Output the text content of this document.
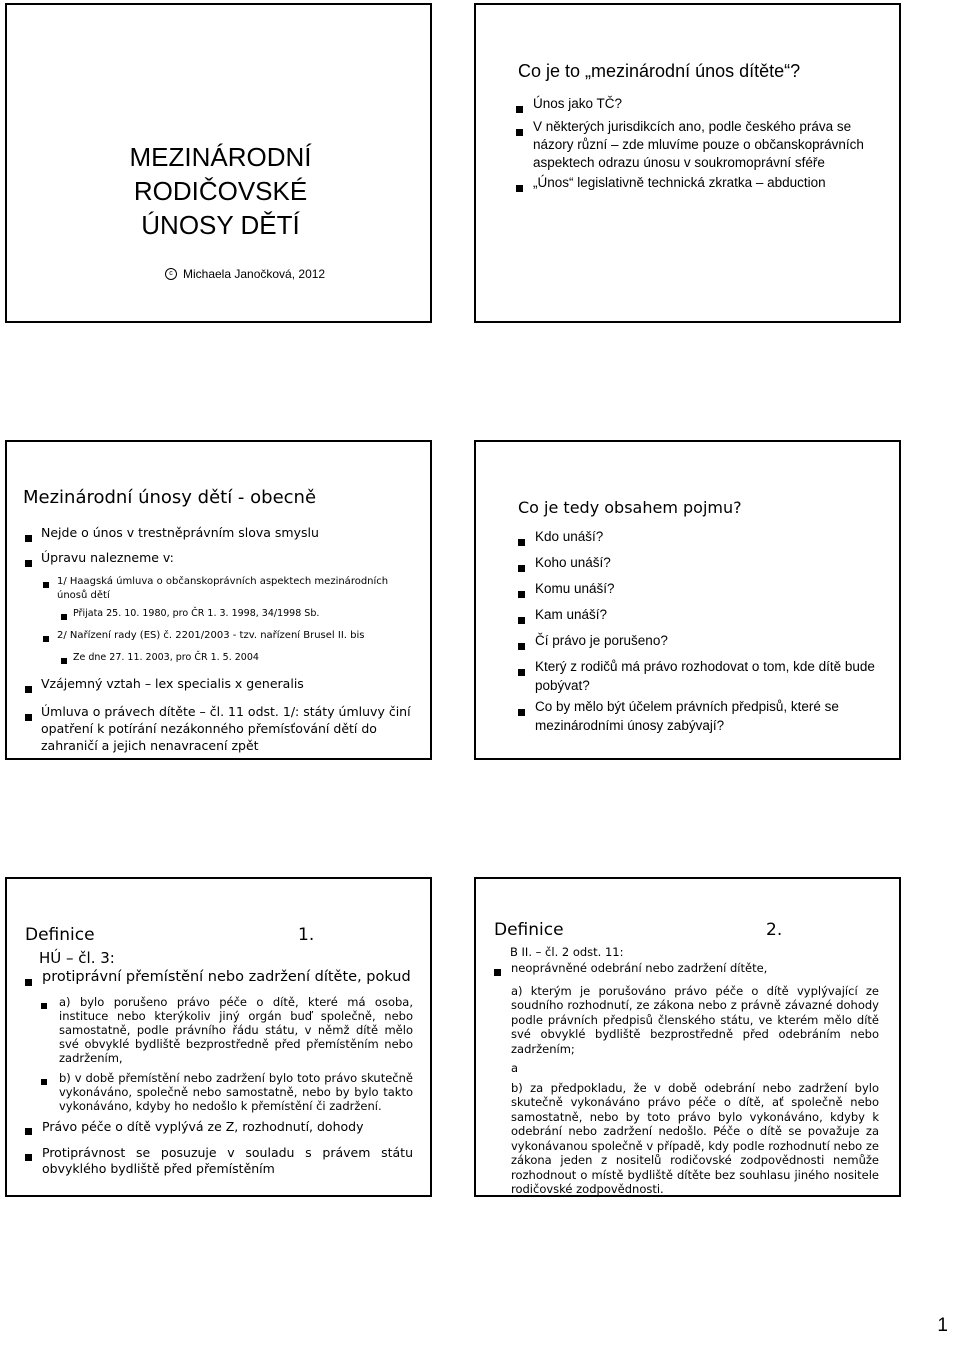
MEZINÁRODNÍ
RODIČOVSKÉ
ÚNOSY DĚTÍ
c Michaela Janočková, 2012
Co je to „mezinárodní únos dítěte“?
Únos jako TČ?
V některých jurisdikcích ano, podle českého práva se názory různí – zde mluvíme pouze o občanskoprávních aspektech odrazu únosu v soukromoprávní sféře
„Únos“ legislativně technická zkratka – abduction
Mezinárodní únosy dětí - obecně
Nejde o únos v trestněprávním slova smyslu
Úpravu nalezneme v:
1/ Haagská úmluva o občanskoprávních aspektech mezinárodních únosů dětí
Přijata 25. 10. 1980, pro ČR 1. 3. 1998, 34/1998 Sb.
2/ Nařízení rady (ES) č. 2201/2003 - tzv. nařízení Brusel II. bis
Ze dne 27. 11. 2003, pro ČR 1. 5. 2004
Vzájemný vztah – lex specialis x generalis
Úmluva o právech dítěte – čl. 11 odst. 1/: státy úmluvy činí opatření k potírání nezákonného přemísťování dětí do zahraničí a jejich nenavracení zpět
Co je tedy obsahem pojmu?
Kdo unáší?
Koho unáší?
Komu unáší?
Kam unáší?
Čí právo je porušeno?
Který z rodičů má právo rozhodovat o tom, kde dítě bude pobývat?
Co by mělo být účelem právních předpisů, které se mezinárodními únosy zabývají?
Definice	1.
HÚ – čl. 3:
protiprávní přemístění nebo zadržení dítěte, pokud
a) bylo porušeno právo péče o dítě, které má osoba, instituce nebo kterýkoliv jiný orgán buď společně, nebo samostatně, podle právního řádu státu, v němž dítě mělo své obvyklé bydliště bezprostředně před přemístěním nebo zadržením,
b) v době přemístění nebo zadržení bylo toto právo skutečně vykonáváno, společně nebo samostatně, nebo by bylo takto vykonáváno, kdyby ho nedošlo k přemístění či zadržení.
Právo péče o dítě vyplývá ze Z, rozhodnutí, dohody
Protiprávnost se posuzuje v souladu s právem státu obvyklého bydliště před přemístěním
Definice	2.
B II. – čl. 2 odst. 11:
neoprávněné odebrání nebo zadržení dítěte,
a) kterým je porušováno právo péče o dítě vyplývající ze soudního rozhodnutí, ze zákona nebo z právně závazné dohody podle právních předpisů členského státu, ve kterém mělo dítě své obvyklé bydliště bezprostředně před odebráním nebo zadržením;
a
b) za předpokladu, že v době odebrání nebo zadržení bylo skutečně vykonáváno právo péče o dítě, ať společně nebo samostatně, nebo by toto právo bylo vykonáváno, kdyby k odebrání nebo zadržení nedošlo. Péče o dítě se považuje za vykonávanou společně v případě, kdy podle rozhodnutí nebo ze zákona jeden z nositelů rodičovské zodpovědnosti nemůže rozhodnout o místě bydliště dítěte bez souhlasu jiného nositele rodičovské zodpovědnosti.
1
